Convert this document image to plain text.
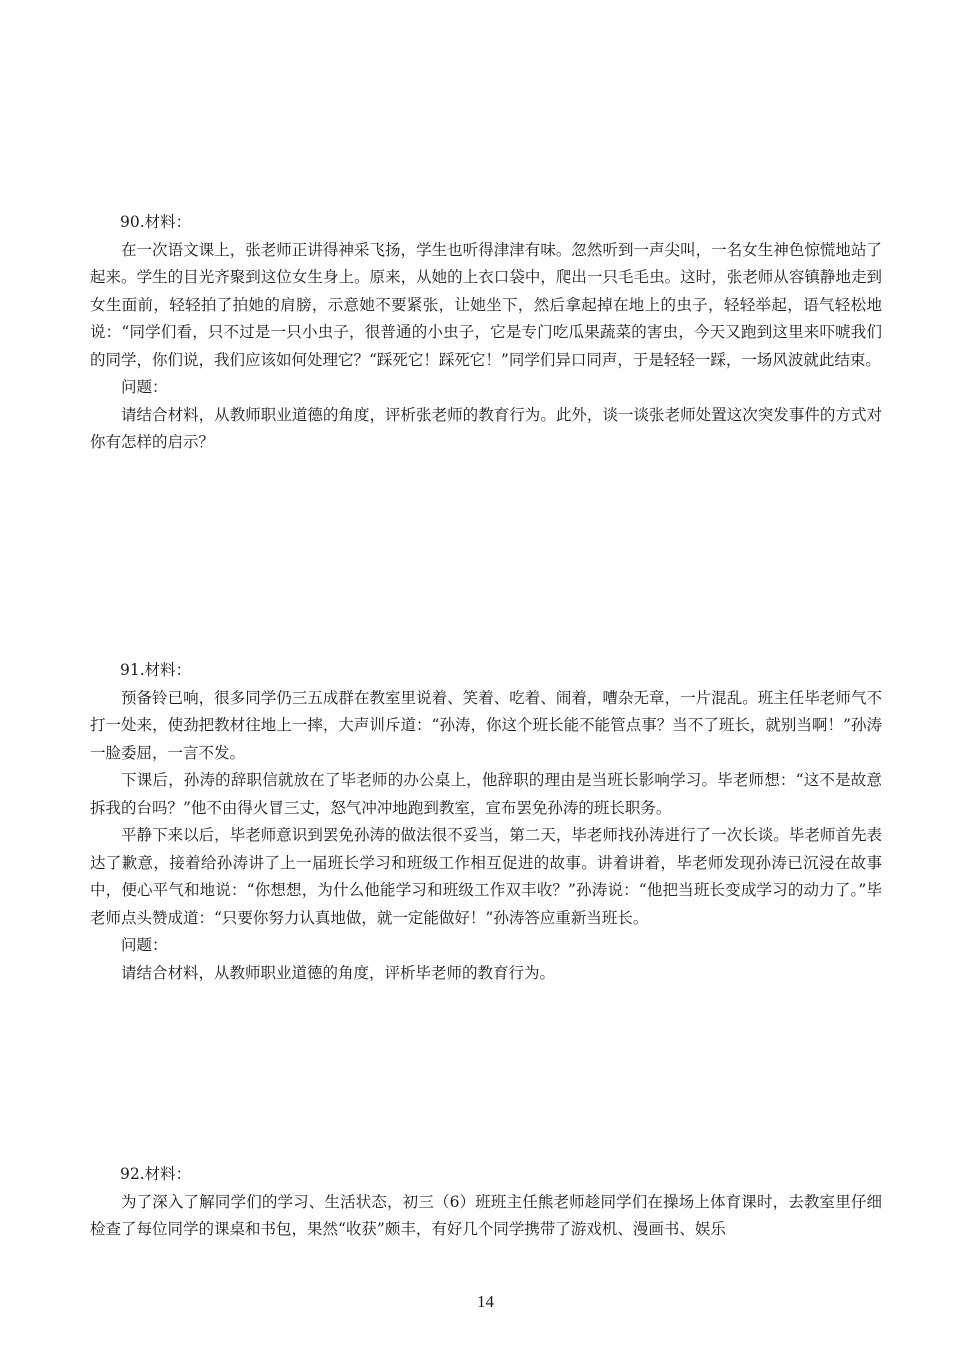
90.材料：

在一次语文课上，张老师正讲得神采飞扬，学生也听得津津有味。忽然听到一声尖叫，一名女生神色惊慌地站了起来。学生的目光齐聚到这位女生身上。原来，从她的上衣口袋中，爬出一只毛毛虫。这时，张老师从容镇静地走到女生面前，轻轻拍了拍她的肩膀，示意她不要紧张，让她坐下，然后拿起掉在地上的虫子，轻轻举起，语气轻松地说：“同学们看，只不过是一只小虫子，很普通的小虫子，它是专门吃瓜果蔬菜的害虫，今天又跑到这里来吓唬我们的同学，你们说，我们应该如何处理它？“踩死它！踩死它！”同学们异口同声，于是轻轻一踩，一场风波就此结束。

问题：

请结合材料，从教师职业道德的角度，评析张老师的教育行为。此外，谈一谈张老师处置这次突发事件的方式对你有怎样的启示？

91.材料：

预备铃已响，很多同学仍三五成群在教室里说着、笑着、吃着、闹着，嘈杂无章，一片混乱。班主任毕老师气不打一处来，使劲把教材往地上一摔，大声训斥道：“孙涛，你这个班长能不能管点事？当不了班长，就别当啊！”孙涛一脸委屈，一言不发。

下课后，孙涛的辞职信就放在了毕老师的办公桌上，他辞职的理由是当班长影响学习。毕老师想：“这不是故意拆我的台吗？”他不由得火冒三丈，怒气冲冲地跑到教室，宣布罢免孙涛的班长职务。

平静下来以后，毕老师意识到罢免孙涛的做法很不妥当，第二天，毕老师找孙涛进行了一次长谈。毕老师首先表达了歉意，接着给孙涛讲了上一届班长学习和班级工作相互促进的故事。讲着讲着，毕老师发现孙涛已沉浸在故事中，便心平气和地说：“你想想，为什么他能学习和班级工作双丰收？”孙涛说：“他把当班长变成学习的动力了。”毕老师点头赞成道：“只要你努力认真地做，就一定能做好！”孙涛答应重新当班长。

问题：

请结合材料，从教师职业道德的角度，评析毕老师的教育行为。

92.材料：

为了深入了解同学们的学习、生活状态，初三（6）班班主任熊老师趁同学们在操场上体育课时，去教室里仔细检查了每位同学的课桌和书包，果然“收获”颇丰，有好几个同学携带了游戏机、漫画书、娱乐

14
